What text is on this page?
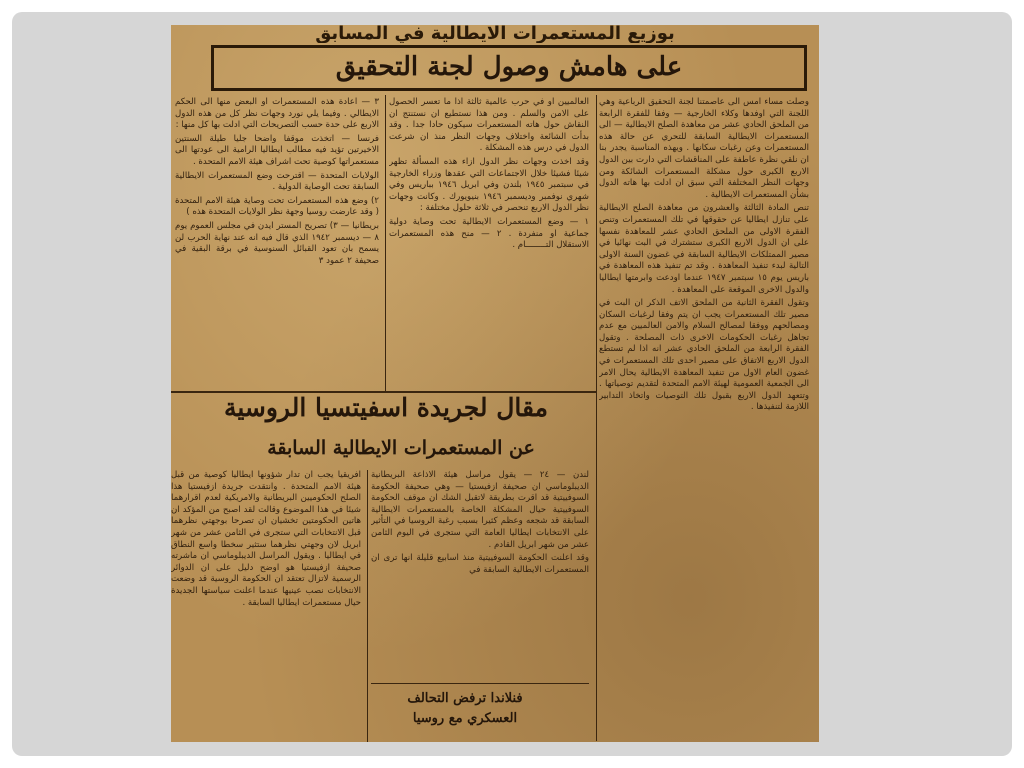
بوزيع المستعمرات الايطالية في المسابق
على هامش وصول لجنة التحقيق

وصلت مساء امس الى عاصمتنا لجنة التحقيق الرباعية وهي اللجنة التي اوفدها وكلاء الخارجية — وفقا للفقرة الرابعة من الملحق الحادي عشر من معاهدة الصلح الايطالية — الى المستعمرات الايطالية السابقة للتحري عن حالة هذه المستعمرات وعن رغبات سكانها . ويهذه المناسبة يجدر بنا ان نلقي نظرة عاطفة على المناقشات التي دارت بين الدول الاربع الكبرى حول مشكلة المستعمرات الشائكة ومن وجهات النظر المختلفة التي سبق ان ادلت بها هاته الدول بشأن المستعمرات الايطالية .

تنص المادة الثالثة والعشرون من معاهدة الصلح الايطالية على تنازل ايطاليا عن حقوقها في تلك المستعمرات وتنص الفقرة الاولى من الملحق الحادي عشر للمعاهدة نفسها على ان الدول الاربع الكبرى ستشترك في البت نهائيا في مصير الممتلكات الايطالية السابقة في غضون السنة الاولى التالية لبدء تنفيذ المعاهدة . وقد تم تنفيذ هذه المعاهدة في باريس يوم ١٥ سبتمبر ١٩٤٧ عندما اودعت وابرمتها ايطاليا والدول الاخرى الموقعة على المعاهدة .

وتقول الفقرة الثانية من الملحق الاتف الذكر ان البت في مصير تلك المستعمرات يجب ان يتم وفقا لرغبات السكان ومصالحهم ووفقا لمصالح السلام والامن العالميين مع عدم تجاهل رغبات الحكومات الاخرى ذات المصلحة . وتقول الفقرة الرابعة من الملحق الحادي عشر انه اذا لم تستطع الدول الاربع الاتفاق على مصير احدى تلك المستعمرات في غضون العام الاول من تنفيذ المعاهدة الايطالية يحال الامر الى الجمعية العمومية لهيئة الامم المتحدة لتقديم توصياتها . وتتعهد الدول الاربع بقبول تلك التوصيات واتخاذ التدابير اللازمة لتنفيذها .

العالميين او في حرب عالمية ثالثة اذا ما تعسر الحصول على الامن والسلم . ومن هذا نستطيع ان نستنتج ان النقاش حول هاته المستعمرات سيكون حادا جدا . وقد بدأت الشائعة واختلاف وجهات النظر منذ ان شرعت الدول في درس هذه المشكلة .

وقد اخذت وجهات نظر الدول ازاء هذه المسألة تظهر شيئا فشيئا خلال الاجتماعات التي عقدها وزراء الخارجية في سبتمبر ١٩٤٥ بلندن وفي ابريل ١٩٤٦ بباريس وفي شهري نوفمبر وديسمبر ١٩٤٦ بنيويورك . وكانت وجهات نظر الدول الاربع تنحصر في ثلاثة حلول مختلفة :

١ — وضع المستعمرات الايطالية تحت وصاية دولية جماعية او منفردة . ٢ — منح هذه المستعمرات الاستقلال التــــــــام .

٣ — اعادة هذه المستعمرات او البعض منها الى الحكم الايطالي . وفيما يلي نورد وجهات نظر كل من هذه الدول الاربع على حدة حسب التصريحات التي ادلت بها كل منها :

فرنسا — اتخذت موقفا واضحا جليا طيلة السنتين الاخيرتين تؤيد فيه مطالب ايطاليا الرامية الى عودتها الى مستعمراتها كوصية تحت اشراف هيئة الامم المتحدة .

الولايات المتحدة — اقترحت وضع المستعمرات الايطالية السابقة تحت الوصاية الدولية .

٢) وضع هذه المستعمرات تحت وصاية هيئة الامم المتحدة ( وقد عارضت روسيا وجهة نظر الولايات المتحدة هذه )

بريطانيا — ٣) تصريح المستر ايدن في مجلس العموم يوم ٨ — ديسمبر ١٩٤٢ الذي قال فيه انه عند نهاية الحرب لن يسمح بان تعود القبائل السنوسية في برقة البقية في صحيفة ٢ عمود ٣

مقال لجريدة اسفيتسيا الروسية
عن المستعمرات الايطالية السابقة

لندن — ٢٤ — يقول مراسل هيئة الاذاعة البريطانية الديبلوماسي ان صحيفة ازفيستيا — وهي صحيفة الحكومة السوفييتية قد اقرت بطريقة لاتقبل الشك ان موقف الحكومة السوفييتية حيال المشكلة الخاصة بالمستعمرات الايطالية السابقة قد شجعه وعظم كثيرا بسبب رغبة الروسيا في التأثير على الانتخابات ايطاليا العامة التي ستجرى في اليوم الثامن عشر من شهر ابريل القادم .

وقد اعلنت الحكومة السوفييتية منذ اسابيع قليلة انها ترى ان المستعمرات الايطالية السابقة في

افريقيا يجب ان تدار شؤونها ايطاليا كوصية من قبل هيئة الامم المتحدة . وانتقدت جريدة ازفيستيا هذا الصلح الحكوميين البريطانية والامريكية لعدم اقرارهما شيئا في هذا الموضوع وقالت لقد اصبح من المؤكد ان هاتين الحكومتين تخشيان ان تصرحا بوجهتي نظرهما قبل الانتخابات التي ستجرى في الثامن عشر من شهر ابريل لان وجهتي نظرهما ستثير سخطا واسع النطاق في ايطاليا . ويقول المراسل الديبلوماسي ان ماشرته صحيفة ازفيستيا هو اوضح دليل على ان الدوائر الرسمية لاتزال تعتقد ان الحكومة الروسية قد وضعت الانتخابات نصب عينيها عندما اعلنت سياستها الجديدة حيال مستعمرات ايطاليا السابقة .

فنلاندا ترفض التحالف
العسكري مع روسيا
